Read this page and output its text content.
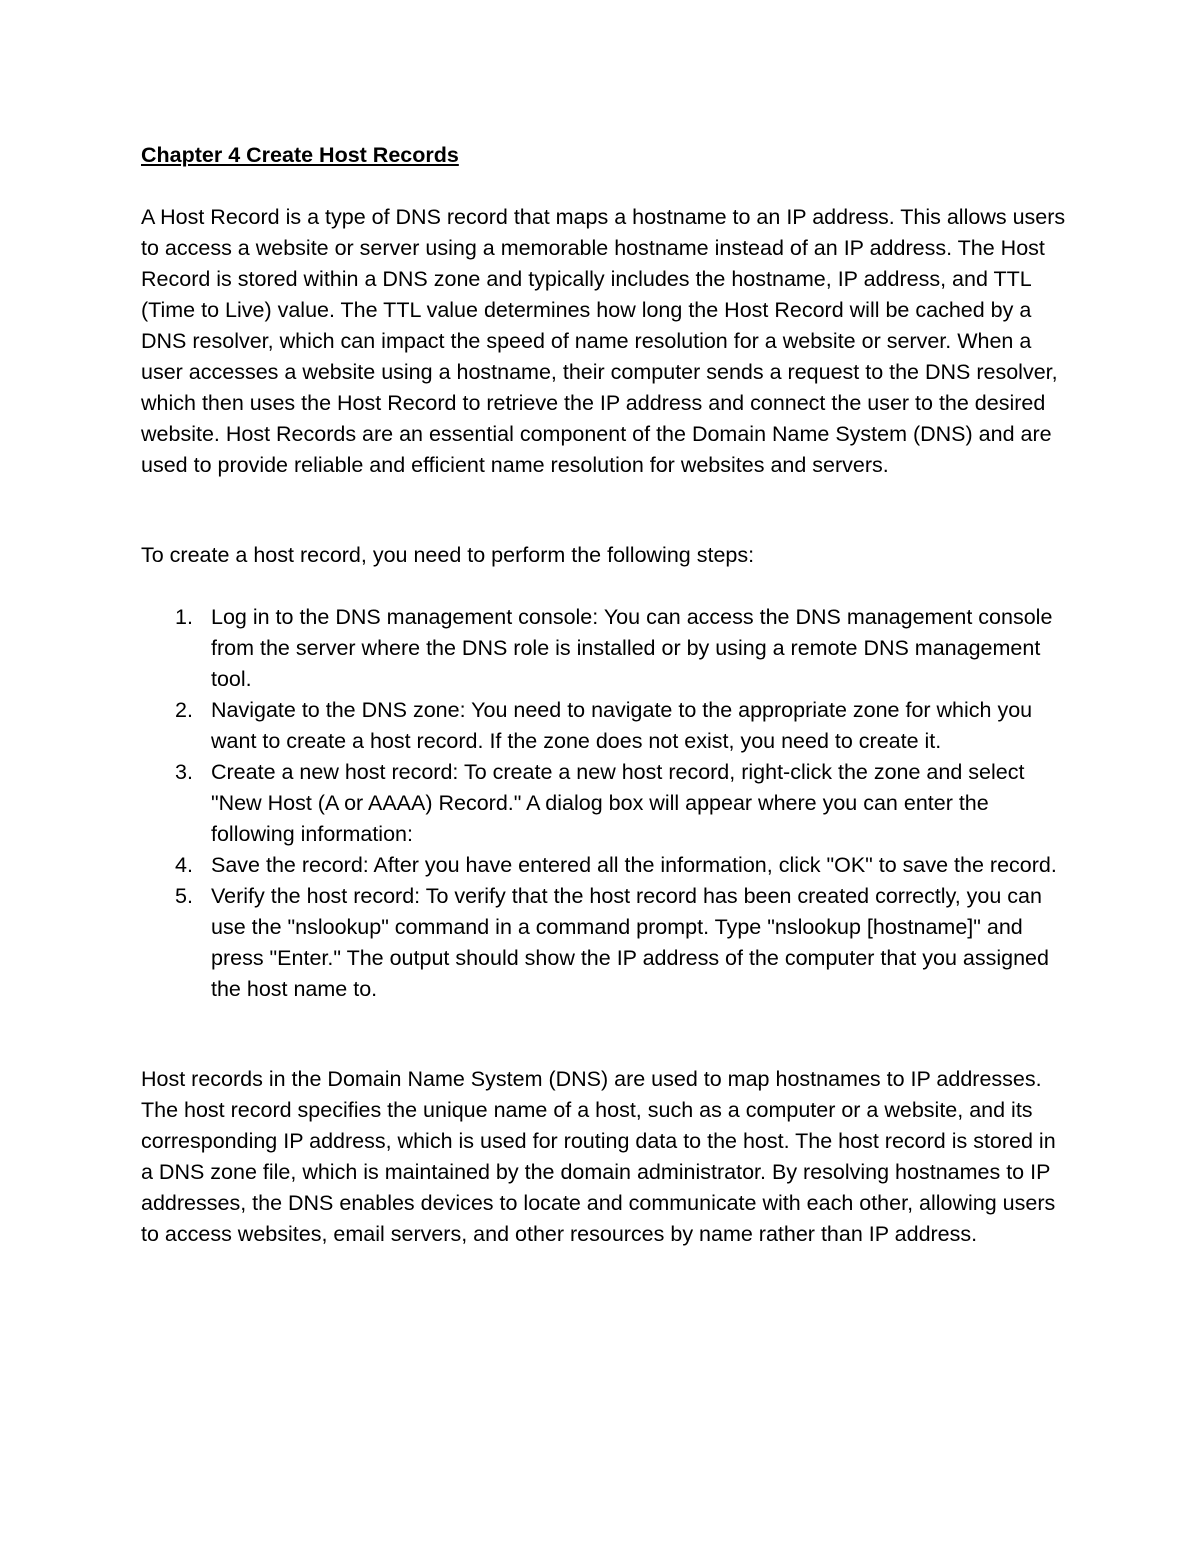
Chapter 4 Create Host Records

A Host Record is a type of DNS record that maps a hostname to an IP address. This allows users to access a website or server using a memorable hostname instead of an IP address. The Host Record is stored within a DNS zone and typically includes the hostname, IP address, and TTL (Time to Live) value. The TTL value determines how long the Host Record will be cached by a DNS resolver, which can impact the speed of name resolution for a website or server. When a user accesses a website using a hostname, their computer sends a request to the DNS resolver, which then uses the Host Record to retrieve the IP address and connect the user to the desired website. Host Records are an essential component of the Domain Name System (DNS) and are used to provide reliable and efficient name resolution for websites and servers.

To create a host record, you need to perform the following steps:

1. Log in to the DNS management console: You can access the DNS management console from the server where the DNS role is installed or by using a remote DNS management tool.
2. Navigate to the DNS zone: You need to navigate to the appropriate zone for which you want to create a host record. If the zone does not exist, you need to create it.
3. Create a new host record: To create a new host record, right-click the zone and select "New Host (A or AAAA) Record." A dialog box will appear where you can enter the following information:
4. Save the record: After you have entered all the information, click "OK" to save the record.
5. Verify the host record: To verify that the host record has been created correctly, you can use the "nslookup" command in a command prompt. Type "nslookup [hostname]" and press "Enter." The output should show the IP address of the computer that you assigned the host name to.

Host records in the Domain Name System (DNS) are used to map hostnames to IP addresses. The host record specifies the unique name of a host, such as a computer or a website, and its corresponding IP address, which is used for routing data to the host. The host record is stored in a DNS zone file, which is maintained by the domain administrator. By resolving hostnames to IP addresses, the DNS enables devices to locate and communicate with each other, allowing users to access websites, email servers, and other resources by name rather than IP address.
